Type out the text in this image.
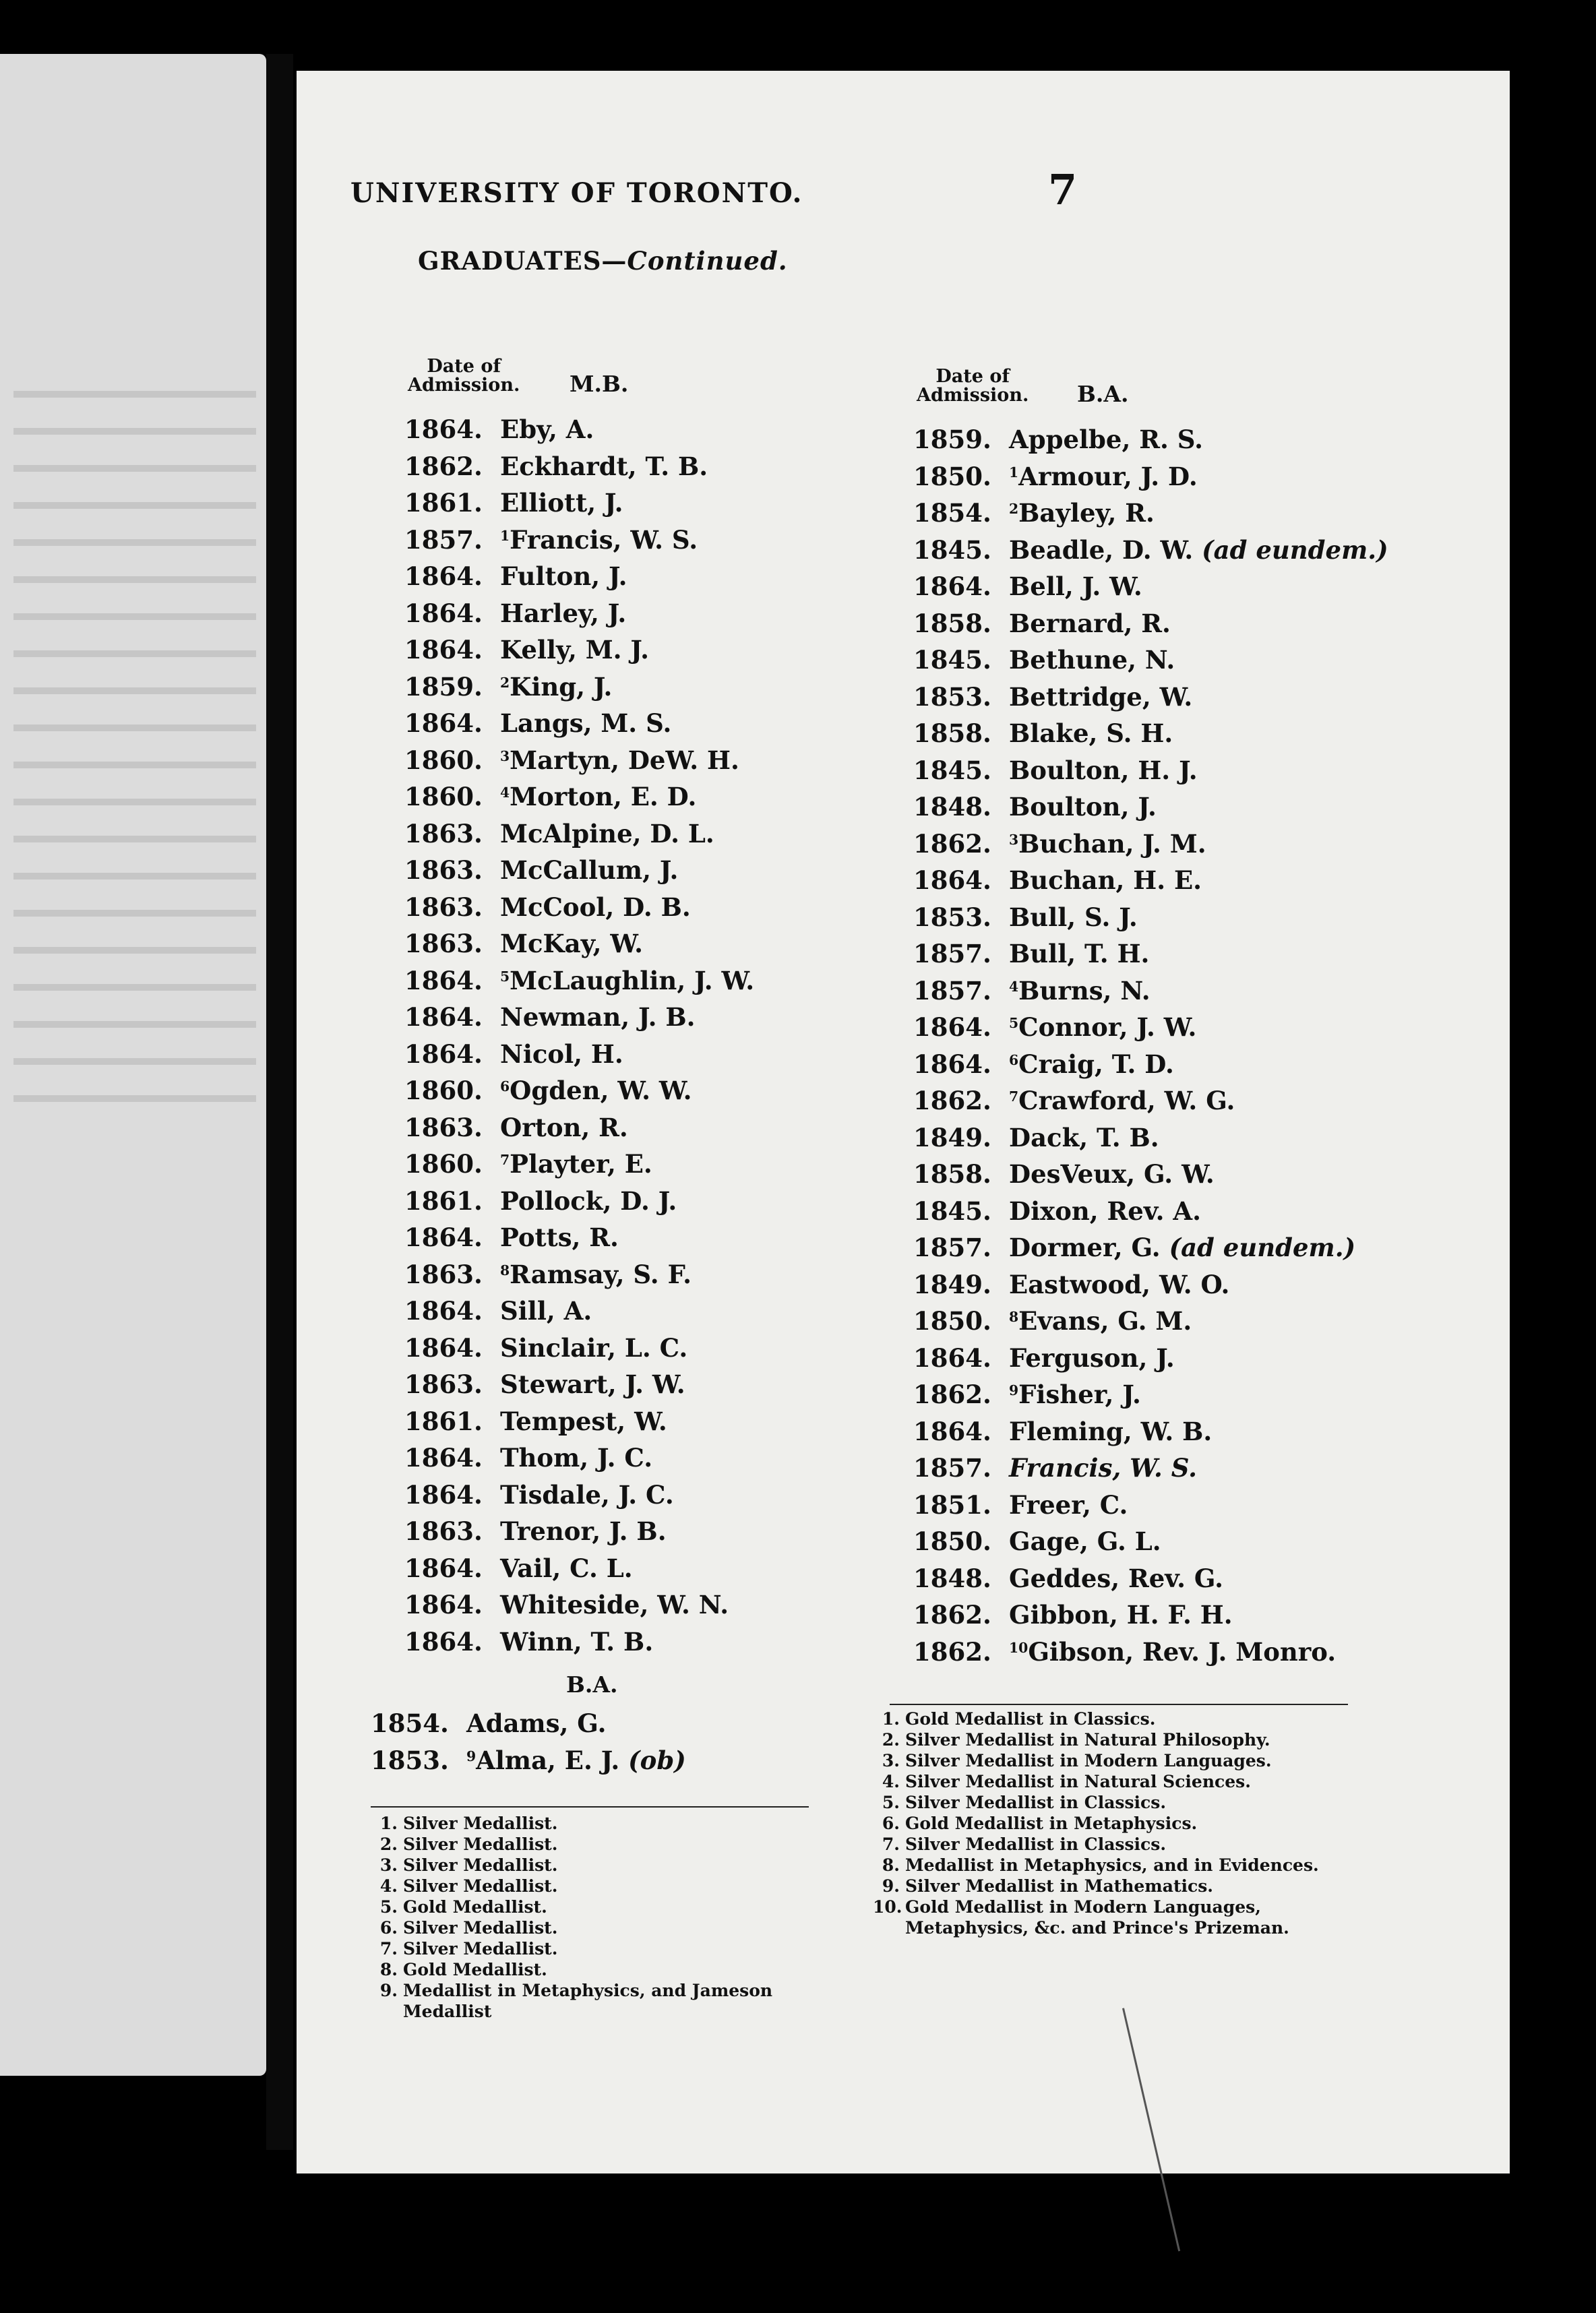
UNIVERSITY OF TORONTO.	7
GRADUATES—Continued.
Date of
Admission. M.B.	Date of
Admission. B.A.
1864. Eby, A.
1862. Eckhardt, T. B.
1861. Elliott, J.
1857.	$^1$Francis, W. S.
1864. Fulton, J.
1864. Harley, J.
1864. Kelly, M. J.
1859.	$^2$King, J.
1864. Langs, M. S.
1860.	$^3$Martyn, DeW. H.
1860.	$^4$Morton, E. D.
1863. McAlpine, D. L.
1863. McCallum, J.
1863. McCool, D. B.
1863. McKay, W.
1864.	$^5$McLaughlin, J. W.
1864. Newman, J. B.
1864. Nicol, H.
1860.	$^6$Ogden, W. W.
1863. Orton, R.
1860.	$^7$Playter, E.
1861. Pollock, D. J.
1864. Potts, R.
1863.	$^8$Ramsay, S. F.
1864. Sill, A.
1864. Sinclair, L. C.
1863. Stewart, J. W.
1861. Tempest, W.
1864. Thom, J. C.
1864. Tisdale, J. C.
1863. Trenor, J. B.
1864. Vail, C. L.
1864. Whiteside, W. N.
1864. Winn, T. B.
B.A.
1854. Adams, G.
1853.	$^9$Alma, E. J. (ob)
1. Silver Medallist.
2. Silver Medallist.
3. Silver Medallist.
4. Silver Medallist.
5. Gold Medallist.
6. Silver Medallist.
7. Silver Medallist.
8. Gold Medallist.
9. Medallist in Metaphysics, and Jameson Medallist
1859. Appelbe, R. S.
1850.	$^1$Armour, J. D.
1854.	$^2$Bayley, R.
1845. Beadle, D. W. (ad eundem.)
1864. Bell, J. W.
1858. Bernard, R.
1845. Bethune, N.
1853. Bettridge, W.
1858. Blake, S. H.
1845. Boulton, H. J.
1848. Boulton, J.
1862.	$^3$Buchan, J. M.
1864. Buchan, H. E.
1853. Bull, S. J.
1857. Bull, T. H.
1857.	$^4$Burns, N.
1864.	$^5$Connor, J. W.
1864.	$^6$Craig, T. D.
1862.	$^7$Crawford, W. G.
1849. Dack, T. B.
1858. DesVeux, G. W.
1845. Dixon, Rev. A.
1857. Dormer, G. (ad eundem.)
1849. Eastwood, W. O.
1850.	$^8$Evans, G. M.
1864. Ferguson, J.
1862.	$^9$Fisher, J.
1864. Fleming, W. B.
1857. Francis, W. S.
1851. Freer, C.
1850. Gage, G. L.
1848. Geddes, Rev. G.
1862. Gibbon, H. F. H.
1862.	$^{10}$Gibson, Rev. J. Monro.
1. Gold Medallist in Classics.
2. Silver Medallist in Natural Philosophy.
3. Silver Medallist in Modern Languages.
4. Silver Medallist in Natural Sciences.
5. Silver Medallist in Classics.
6. Gold Medallist in Metaphysics.
7. Silver Medallist in Classics.
8. Medallist in Metaphysics, and in Evidences.
9. Silver Medallist in Mathematics.
10. Gold Medallist in Modern Languages, Metaphysics, &c. and Prince's Prizeman.
